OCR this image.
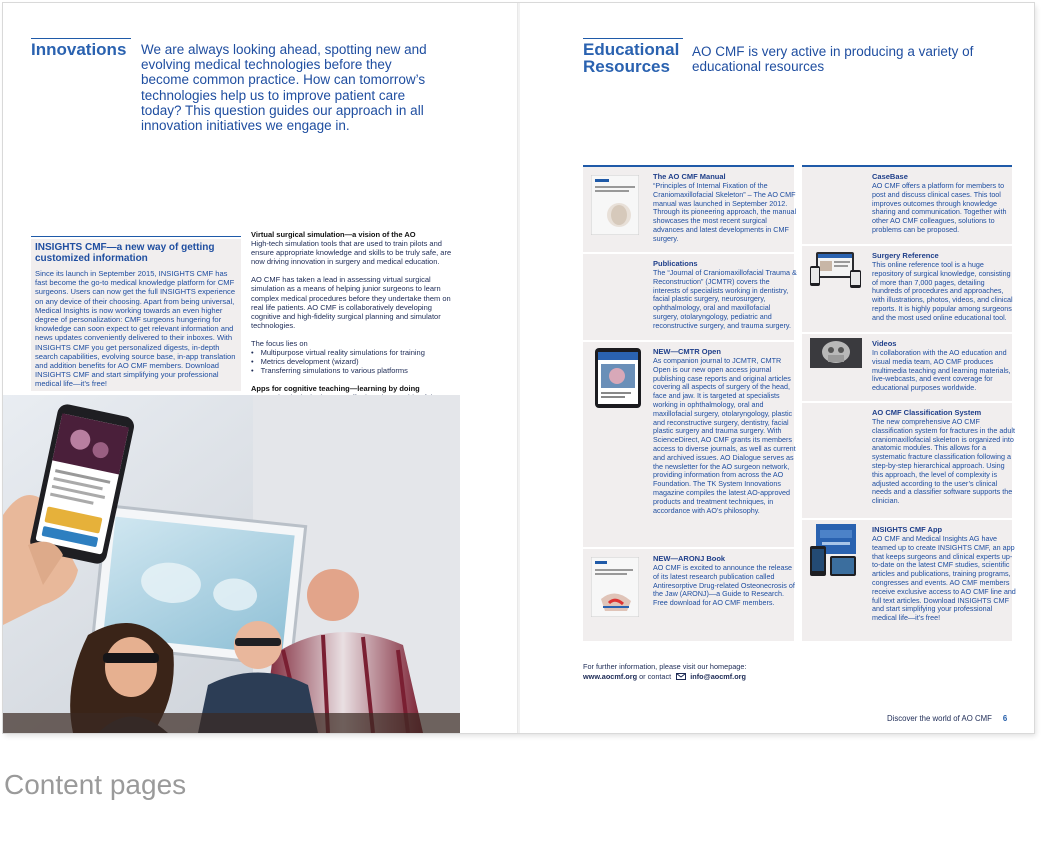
Innovations We are always looking ahead, spotting new and evolving medical technologies before they become common practice. How can tomorrow’s technologies help us to improve patient care today? This question guides our approach in all innovation initiatives we engage in.
INSIGHTS CMF—a new way of getting customized information
Since its launch in September 2015, INSIGHTS CMF has fast become the go-to medical knowledge platform for CMF surgeons. Users can now get the full INSIGHTS experience on any device of their choosing. Apart from being universal, Medical Insights is now working towards an even higher degree of personalization: CMF surgeons hungering for knowledge can soon expect to get relevant information and news updates conveniently delivered to their inboxes. With INSIGHTS CMF you get personalized digests, in-depth search capabilities, evolving source base, in-app translation and addition benefits for AO CMF members. Download INSIGHTS CMF and start simplifying your professional medical life—it’s free!
Virtual surgical simulation—a vision of the AO

High-tech simulation tools that are used to train pilots and ensure appropriate knowledge and skills to be truly safe, are now driving innovation in surgery and medical education.

AO CMF has taken a lead in assessing virtual surgical simulation as a means of helping junior surgeons to learn complex medical procedures before they undertake them on real life patients. AO CMF is collaboratively developing cognitive and high-fidelity surgical planning and simulator technologies.

The focus lies on
• Multipurpose virtual reality simulations for training
• Metrics development (wizard)
• Transferring simulations to various platforms
Apps for cognitive teaching—learning by doing

Educational
Resources
AO CMF is very active in producing a variety of educational resources
The AO CMF Manual
“Principles of Internal Fixation of the Craniomaxillofacial Skeleton” – The AO CMF manual was launched in September 2012. Through its pioneering approach, the manual showcases the most recent surgical advances and latest developments in CMF surgery.
Publications
The “Journal of Craniomaxillofacial Trauma & Reconstruction” (JCMTR) covers the interests of specialists working in dentistry, facial plastic surgery, neurosurgery, ophthalmology, oral and maxillofacial surgery, otolaryngology, pediatric and reconstructive surgery, and trauma surgery.
NEW—CMTR Open
As companion journal to JCMTR, CMTR Open is our new open access journal publishing case reports and original articles covering all aspects of surgery of the head, face and jaw. It is targeted at specialists working in ophthalmology, oral and maxillofacial surgery, otolaryngology, plastic and reconstructive surgery, dentistry, facial plastic surgery and trauma surgery. With ScienceDirect, AO CMF grants its members access to diverse journals, as well as current and archived issues. AO Dialogue serves as the newsletter for the AO surgeon network, providing information from across the AO Foundation. The TK System Innovations magazine compiles the latest AO-approved products and treatment techniques, in accordance with AO’s philosophy.
NEW—ARONJ Book
AO CMF is excited to announce the release of its latest research publication called Antiresorptive Drug-related Osteonecrosis of the Jaw (ARONJ)—a Guide to Research. Free download for AO CMF members.
CaseBase
AO CMF offers a platform for members to post and discuss clinical cases. This tool improves outcomes through knowledge sharing and communication. Together with other AO CMF colleagues, solutions to problems can be proposed.
Surgery Reference
This online reference tool is a huge repository of surgical knowledge, consisting of more than 7,000 pages, detailing hundreds of procedures and approaches, with illustrations, photos, videos, and clinical reports. It is highly popular among surgeons and the most used online educational tool.
Videos
In collaboration with the AO education and visual media team, AO CMF produces multimedia teaching and learning materials, live-webcasts, and event coverage for educational purposes worldwide.
AO CMF Classification System
The new comprehensive AO CMF classification system for fractures in the adult craniomaxillofacial skeleton is organized into anatomic modules. This allows for a systematic fracture classification following a step-by-step hierarchical approach. Using this approach, the level of complexity is adjusted according to the user’s clinical needs and a classifier software supports the clinician.
INSIGHTS CMF App
AO CMF and Medical Insights AG have teamed up to create INSIGHTS CMF, an app that keeps surgeons and clinical experts up-to-date on the latest CMF studies, scientific articles and publications, training programs, congresses and events. AO CMF members receive exclusive access to AO CMF line and full text articles. Download INSIGHTS CMF and start simplifying your professional medical life—it’s free!
For further information, please visit our homepage:
www.aocmf.org or contact	info@aocmf.org
Discover the world of AO CMF 6
Content pages
